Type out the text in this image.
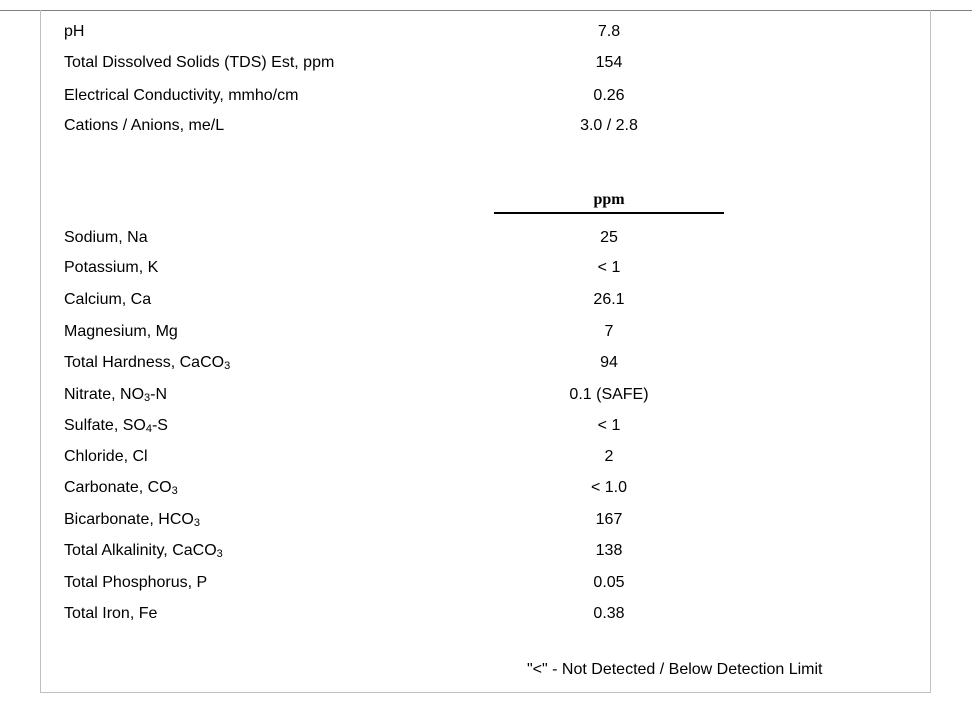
pH	7.8
Total Dissolved Solids (TDS) Est, ppm	154
Electrical Conductivity, mmho/cm	0.26
Cations / Anions, me/L	3.0 / 2.8
ppm
Sodium, Na	25
Potassium, K	< 1
Calcium, Ca	26.1
Magnesium, Mg	7
Total Hardness, CaCO$_3$	94
Nitrate, $NO_3-N$	0.1 (SAFE)
Sulfate, $SO_4-S$	< 1
Chloride, Cl	2
Carbonate, $CO_3$	< 1.0
Bicarbonate, $HCO_3$	167
Total Alkalinity, CaCO$_3$	138
Total Phosphorus, P	0.05
Total Iron, Fe	0.38
"<" - Not Detected / Below Detection Limit
